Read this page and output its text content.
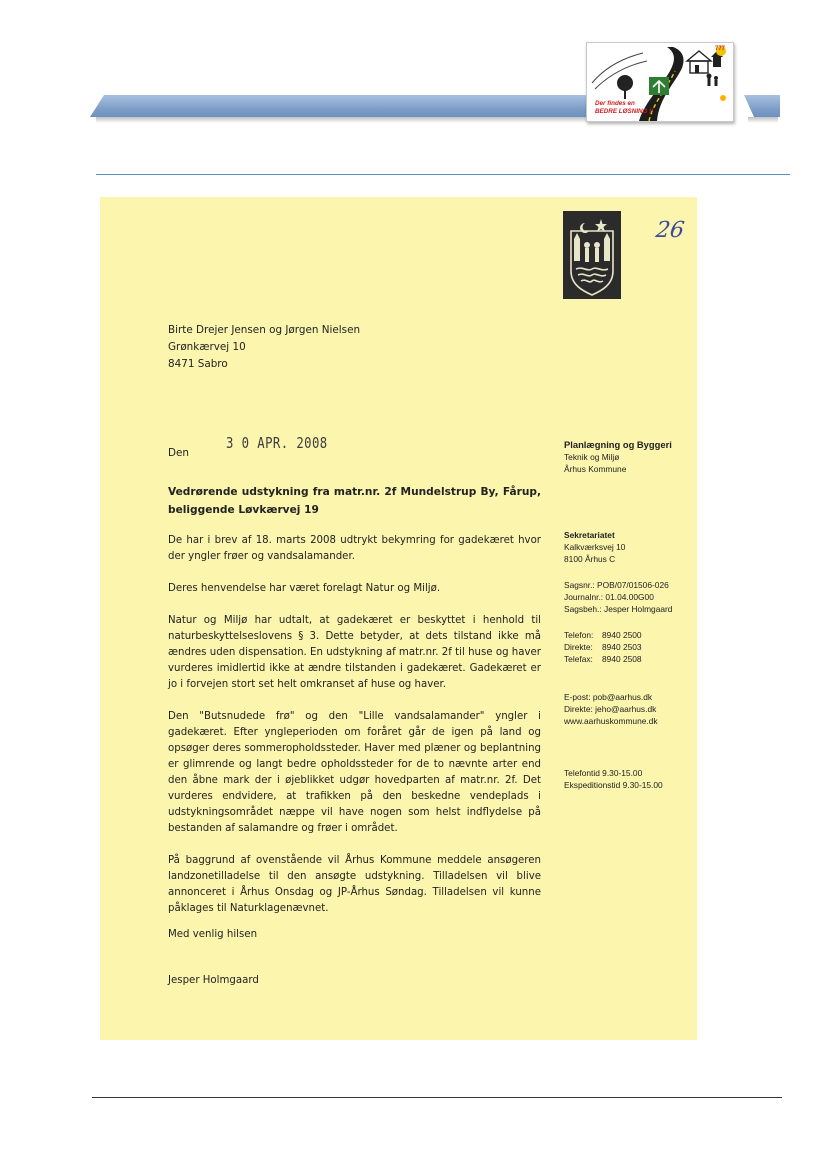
Der findes en
BEDRE LØSNING !!
777
26
Birte Drejer Jensen og Jørgen Nielsen
Grønkærvej 10
8471 Sabro
Den
3 0 APR. 2008
Vedrørende udstykning fra matr.nr. 2f Mundelstrup By, Fårup, beliggende Løvkærvej 19

De har i brev af 18. marts 2008 udtrykt bekymring for gadekæret hvor der yngler frøer og vandsalamander.

Deres henvendelse har været forelagt Natur og Miljø.

Natur og Miljø har udtalt, at gadekæret er beskyttet i henhold til naturbeskyttelseslovens § 3. Dette betyder, at dets tilstand ikke må ændres uden dispensation. En udstykning af matr.nr. 2f til huse og haver vurderes imidlertid ikke at ændre tilstanden i gadekæret. Gadekæret er jo i forvejen stort set helt omkranset af huse og haver.

Den "Butsnudede frø" og den "Lille vandsalamander" yngler i gadekæret. Efter yngleperioden om foråret går de igen på land og opsøger deres sommeropholdssteder. Haver med plæner og beplantning er glimrende og langt bedre opholdssteder for de to nævnte arter end den åbne mark der i øjeblikket udgør hovedparten af matr.nr. 2f. Det vurderes endvidere, at trafikken på den beskedne vendeplads i udstykningsområdet næppe vil have nogen som helst indflydelse på bestanden af salamandre og frøer i området.

På baggrund af ovenstående vil Århus Kommune meddele ansøgeren landzonetilladelse til den ansøgte udstykning. Tilladelsen vil blive annonceret i Århus Onsdag og JP-Århus Søndag. Tilladelsen vil kunne påklages til Naturklagenævnet.

Med venlig hilsen
Jesper Holmgaard
Planlægning og Byggeri
Teknik og Miljø
Århus Kommune
Sekretariatet
Kalkværksvej 10
8100 Århus C
Sagsnr.: POB/07/01506-026
Journalnr.: 01.04.00G00
Sagsbeh.: Jesper Holmgaard
Telefon:	8940 2500
Direkte:	8940 2503
Telefax:	8940 2508
E-post: pob@aarhus.dk
Direkte: jeho@aarhus.dk
www.aarhuskommune.dk
Telefontid 9.30-15.00
Ekspeditionstid 9.30-15.00
